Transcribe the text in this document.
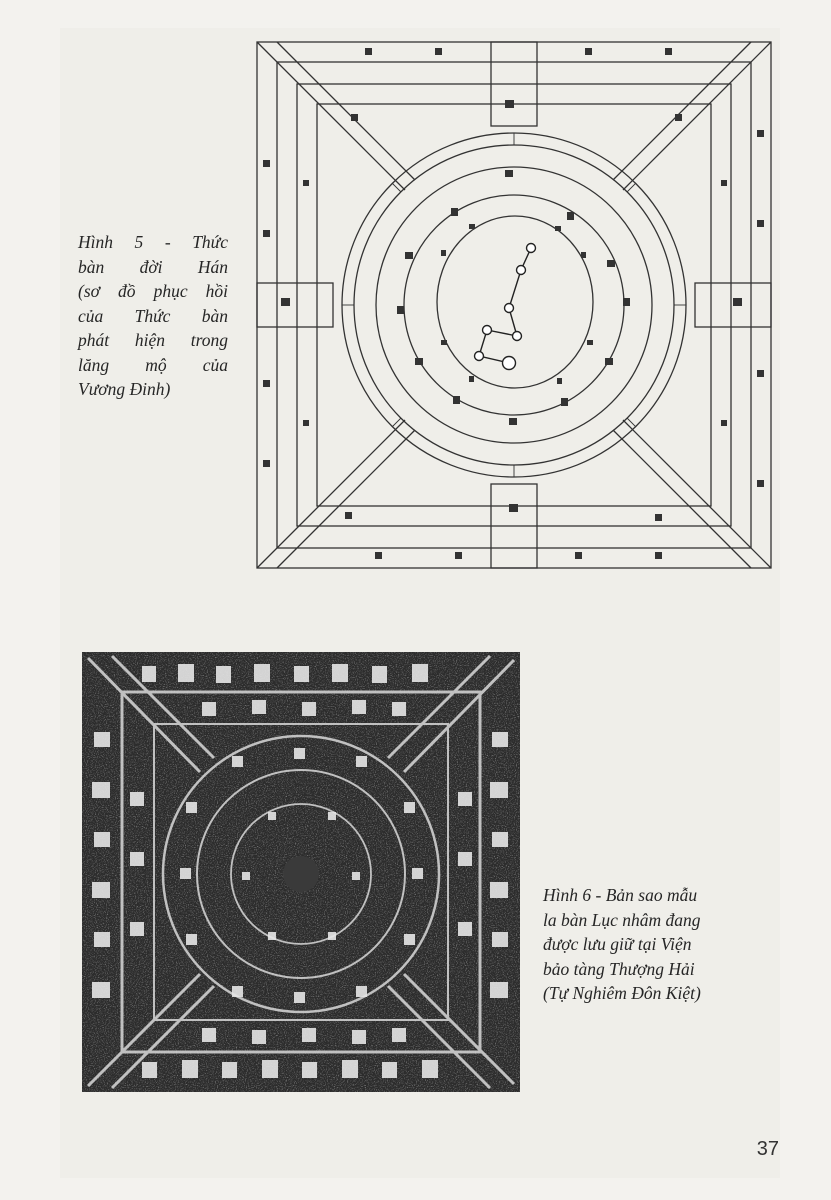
Hình 5 - Thức
bàn đời Hán
(sơ đồ phục hồi
của Thức bàn
phát hiện trong
lăng mộ của
Vương Đinh)
Hình 6 - Bản sao mẫu
la bàn Lục nhâm đang
được lưu giữ tại Viện
bảo tàng Thượng Hải
(Tự Nghiêm Đôn Kiệt)
37
